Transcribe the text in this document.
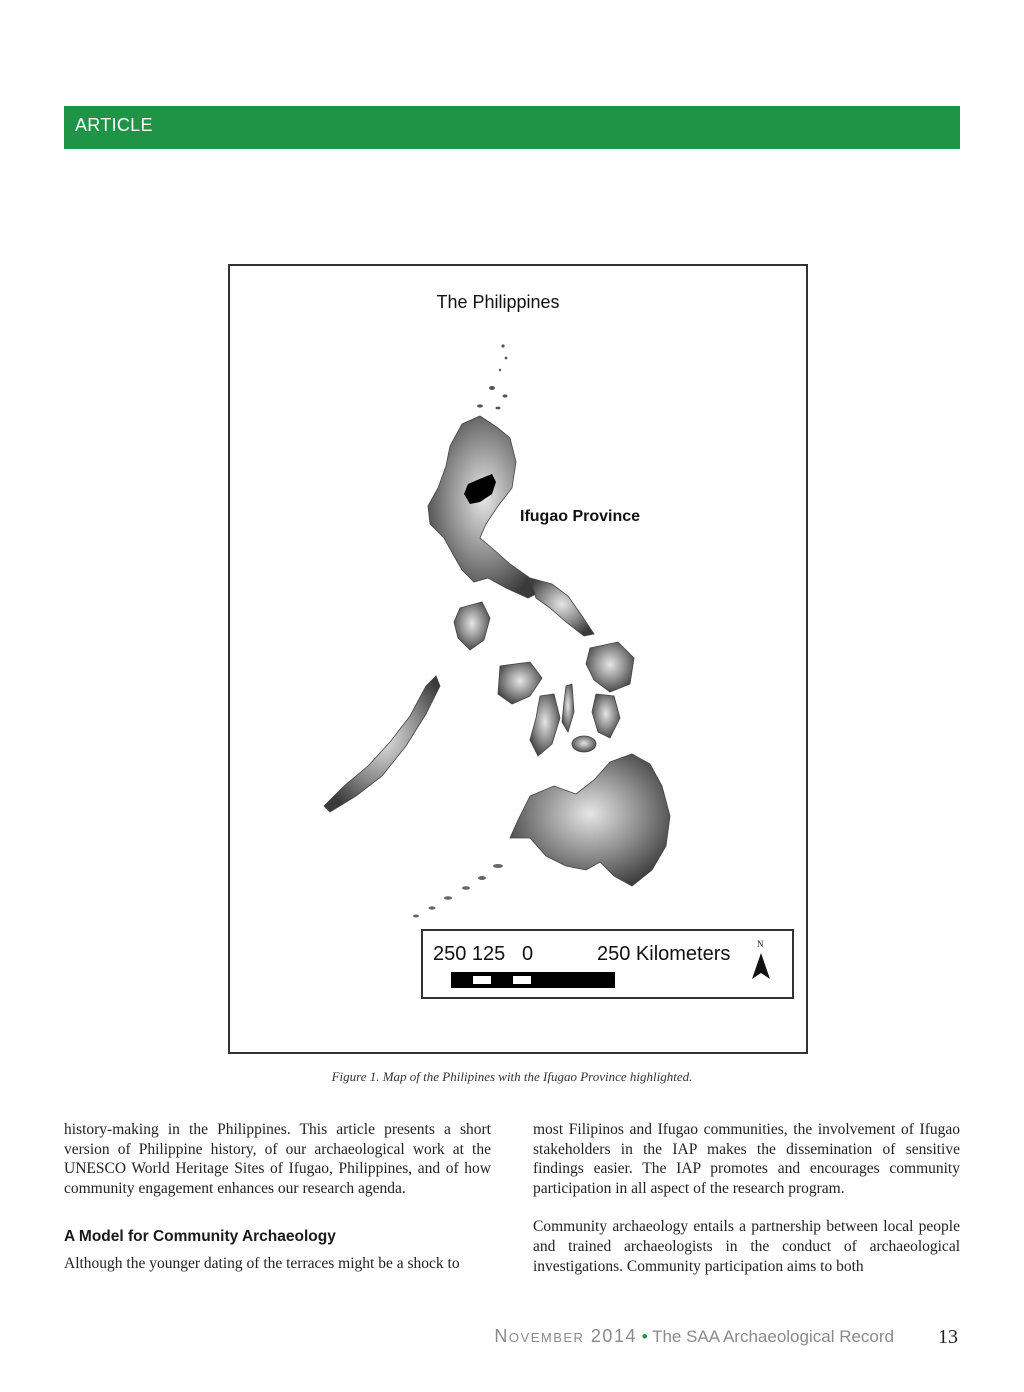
ARTICLE
The Philippines
Ifugao Province
250 125   0	250 Kilometers	N
Figure 1. Map of the Philipines with the Ifugao Province highlighted.

history-making in the Philippines. This article presents a short version of Philippine history, of our archaeological work at the UNESCO World Heritage Sites of Ifugao, Philippines, and of how community engagement enhances our research agenda.

A Model for Community Archaeology

Although the younger dating of the terraces might be a shock to

most Filipinos and Ifugao communities, the involvement of Ifugao stakeholders in the IAP makes the dissemination of sensitive findings easier. The IAP promotes and encourages community participation in all aspect of the research program.

Community archaeology entails a partnership between local people and trained archaeologists in the conduct of archaeological investigations. Community participation aims to both

November 2014 • The SAA Archaeological Record 13
